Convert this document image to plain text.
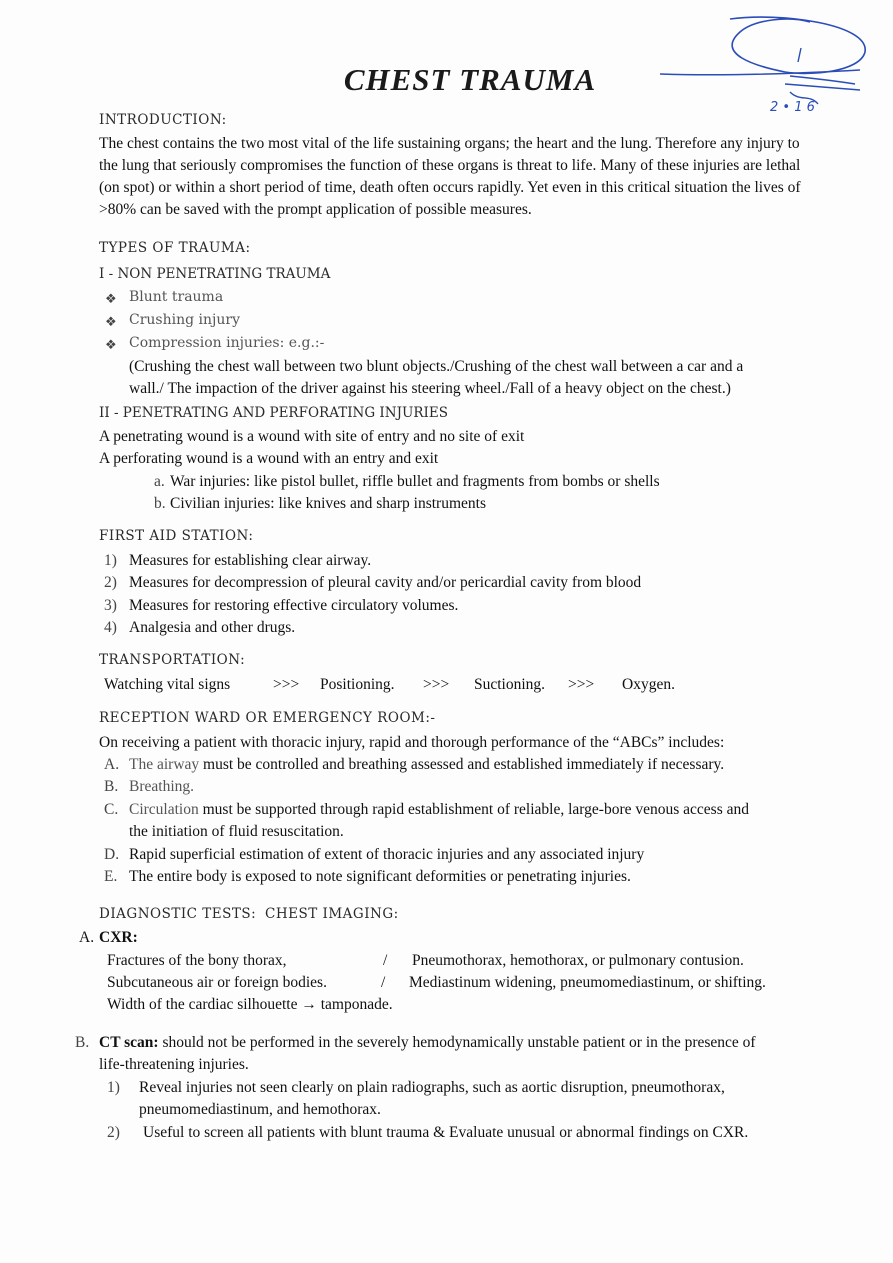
CHEST TRAUMA
2 • 1 6
INTRODUCTION:
The chest contains the two most vital of the life sustaining organs; the heart and the lung. Therefore any injury to the lung that seriously compromises the function of these organs is threat to life. Many of these injuries are lethal (on spot) or within a short period of time, death often occurs rapidly. Yet even in this critical situation the lives of >80% can be saved with the prompt application of possible measures.
TYPES OF TRAUMA:
I - NON PENETRATING TRAUMA
❖ Blunt trauma
❖ Crushing injury
❖ Compression injuries: e.g.:-
(Crushing the chest wall between two blunt objects./Crushing of the chest wall between a car and a
wall./ The impaction of the driver against his steering wheel./Fall of a heavy object on the chest.)
II - PENETRATING AND PERFORATING INJURIES
A penetrating wound is a wound with site of entry and no site of exit
A perforating wound is a wound with an entry and exit
a. War injuries: like pistol bullet, riffle bullet and fragments from bombs or shells
b. Civilian injuries: like knives and sharp instruments
FIRST AID STATION:
1) Measures for establishing clear airway.
2) Measures for decompression of pleural cavity and/or pericardial cavity from blood
3) Measures for restoring effective circulatory volumes.
4) Analgesia and other drugs.
TRANSPORTATION:
Watching vital signs	>>> Positioning. >>> Suctioning. >>> Oxygen.
RECEPTION WARD OR EMERGENCY ROOM:-
On receiving a patient with thoracic injury, rapid and thorough performance of the “ABCs” includes:
A. The airway must be controlled and breathing assessed and established immediately if necessary.
B. Breathing.
C. Circulation must be supported through rapid establishment of reliable, large-bore venous access and
the initiation of fluid resuscitation.
D. Rapid superficial estimation of extent of thoracic injuries and any associated injury
E. The entire body is exposed to note significant deformities or penetrating injuries.
DIAGNOSTIC TESTS: CHEST IMAGING:
A. CXR:
Fractures of the bony thorax,	/ Pneumothorax, hemothorax, or pulmonary contusion.
Subcutaneous air or foreign bodies.	/ Mediastinum widening, pneumomediastinum, or shifting.
Width of the cardiac silhouette → tamponade.
B. CT scan: should not be performed in the severely hemodynamically unstable patient or in the presence of
life-threatening injuries.
1) Reveal injuries not seen clearly on plain radiographs, such as aortic disruption, pneumothorax,
pneumomediastinum, and hemothorax.
2) Useful to screen all patients with blunt trauma & Evaluate unusual or abnormal findings on CXR.
